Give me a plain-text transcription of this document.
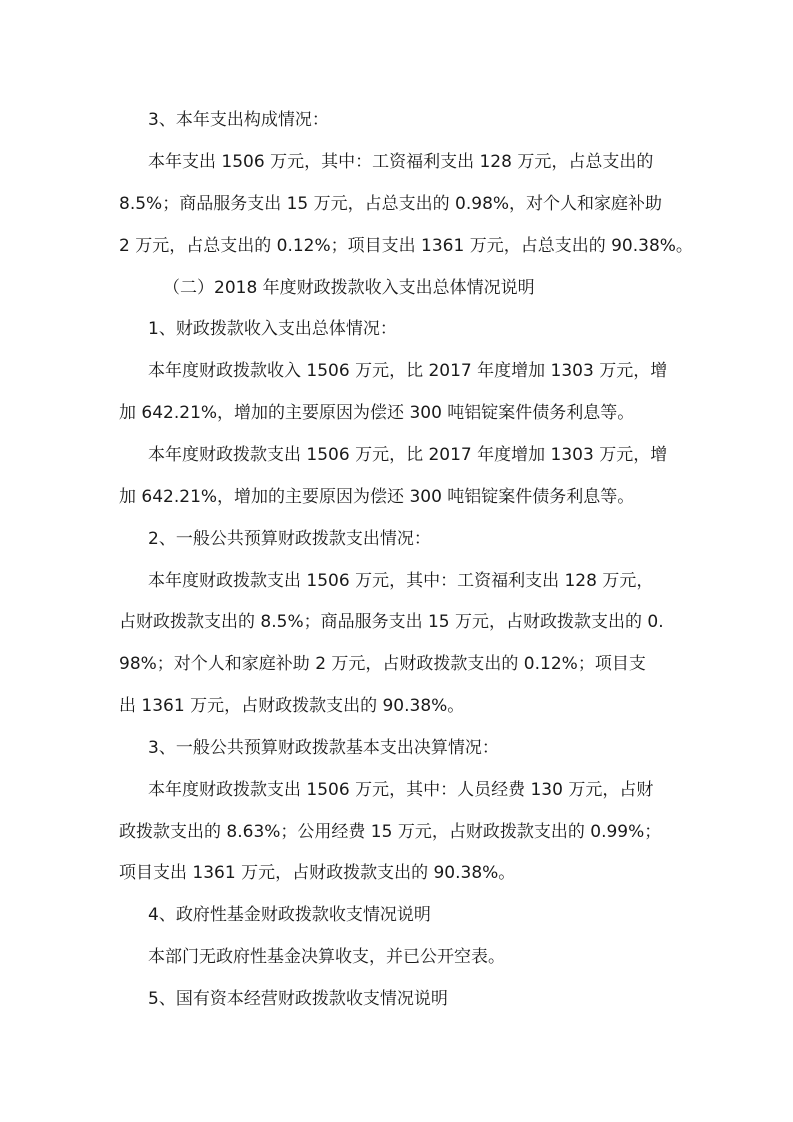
3、本年支出构成情况：
本年支出 1506 万元，其中：工资福利支出 128 万元，占总支出的
8.5%；商品服务支出 15 万元，占总支出的 0.98%，对个人和家庭补助
2 万元，占总支出的 0.12%；项目支出 1361 万元，占总支出的 90.38%。
（二）2018 年度财政拨款收入支出总体情况说明
1、财政拨款收入支出总体情况：
本年度财政拨款收入 1506 万元，比 2017 年度增加 1303 万元，增
加 642.21%，增加的主要原因为偿还 300 吨铝锭案件债务利息等。
本年度财政拨款支出 1506 万元，比 2017 年度增加 1303 万元，增
加 642.21%，增加的主要原因为偿还 300 吨铝锭案件债务利息等。
2、一般公共预算财政拨款支出情况：
本年度财政拨款支出 1506 万元，其中：工资福利支出 128 万元，
占财政拨款支出的 8.5%；商品服务支出 15 万元，占财政拨款支出的 0.
98%；对个人和家庭补助 2 万元，占财政拨款支出的 0.12%；项目支
出 1361 万元，占财政拨款支出的 90.38%。
3、一般公共预算财政拨款基本支出决算情况：
本年度财政拨款支出 1506 万元，其中：人员经费 130 万元，占财
政拨款支出的 8.63%；公用经费 15 万元，占财政拨款支出的 0.99%；
项目支出 1361 万元，占财政拨款支出的 90.38%。
4、政府性基金财政拨款收支情况说明
本部门无政府性基金决算收支，并已公开空表。
5、国有资本经营财政拨款收支情况说明
